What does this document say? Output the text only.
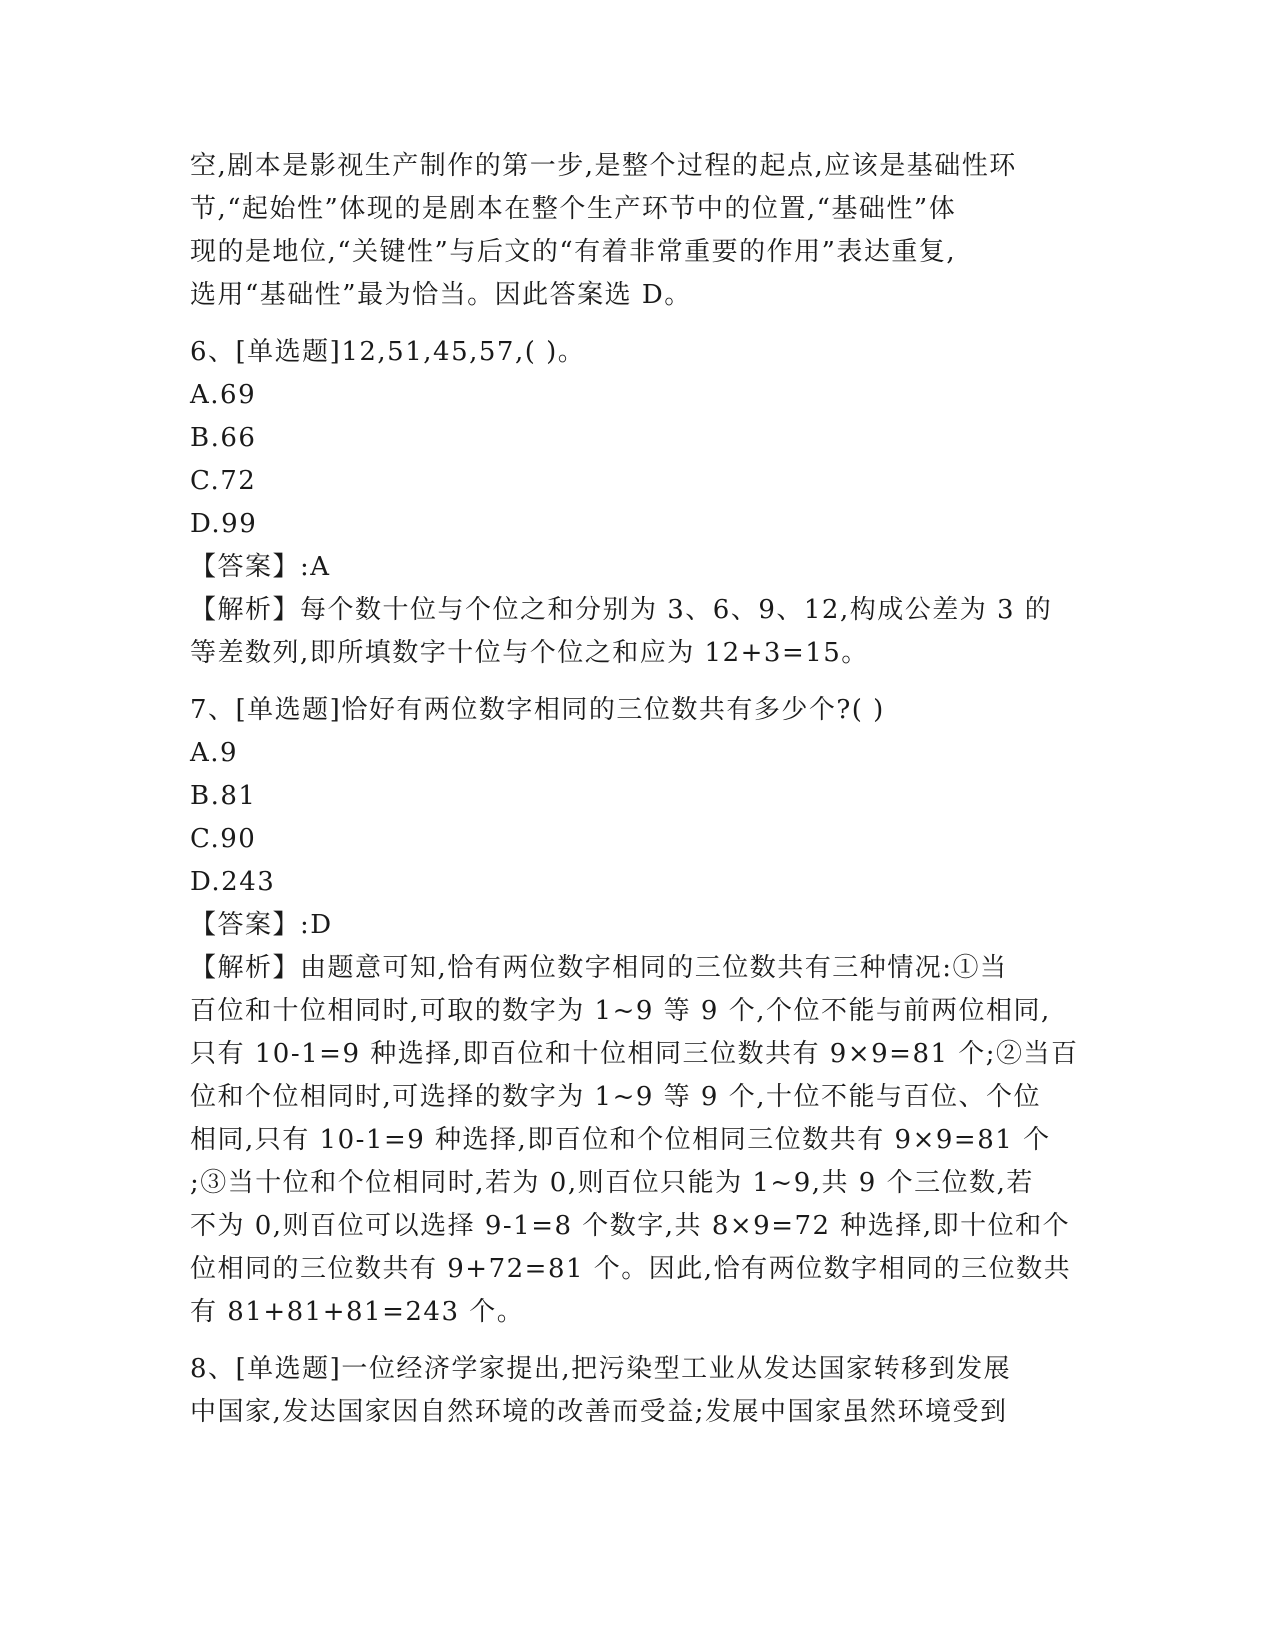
空,剧本是影视生产制作的第一步,是整个过程的起点,应该是基础性环
节,“起始性”体现的是剧本在整个生产环节中的位置,“基础性”体
现的是地位,“关键性”与后文的“有着非常重要的作用”表达重复,
选用“基础性”最为恰当。因此答案选 D。

6、[单选题]12,51,45,57,( )。

A.69

B.66

C.72

D.99

【答案】:A

【解析】每个数十位与个位之和分别为 3、6、9、12,构成公差为 3 的
等差数列,即所填数字十位与个位之和应为 12+3=15。

7、[单选题]恰好有两位数字相同的三位数共有多少个?( )

A.9

B.81

C.90

D.243

【答案】:D

【解析】由题意可知,恰有两位数字相同的三位数共有三种情况:①当
百位和十位相同时,可取的数字为 1~9 等 9 个,个位不能与前两位相同,
只有 10-1=9 种选择,即百位和十位相同三位数共有 9×9=81 个;②当百
位和个位相同时,可选择的数字为 1~9 等 9 个,十位不能与百位、个位
相同,只有 10-1=9 种选择,即百位和个位相同三位数共有 9×9=81 个
;③当十位和个位相同时,若为 0,则百位只能为 1~9,共 9 个三位数,若
不为 0,则百位可以选择 9-1=8 个数字,共 8×9=72 种选择,即十位和个
位相同的三位数共有 9+72=81 个。因此,恰有两位数字相同的三位数共
有 81+81+81=243 个。
8、[单选题]一位经济学家提出,把污染型工业从发达国家转移到发展
中国家,发达国家因自然环境的改善而受益;发展中国家虽然环境受到
